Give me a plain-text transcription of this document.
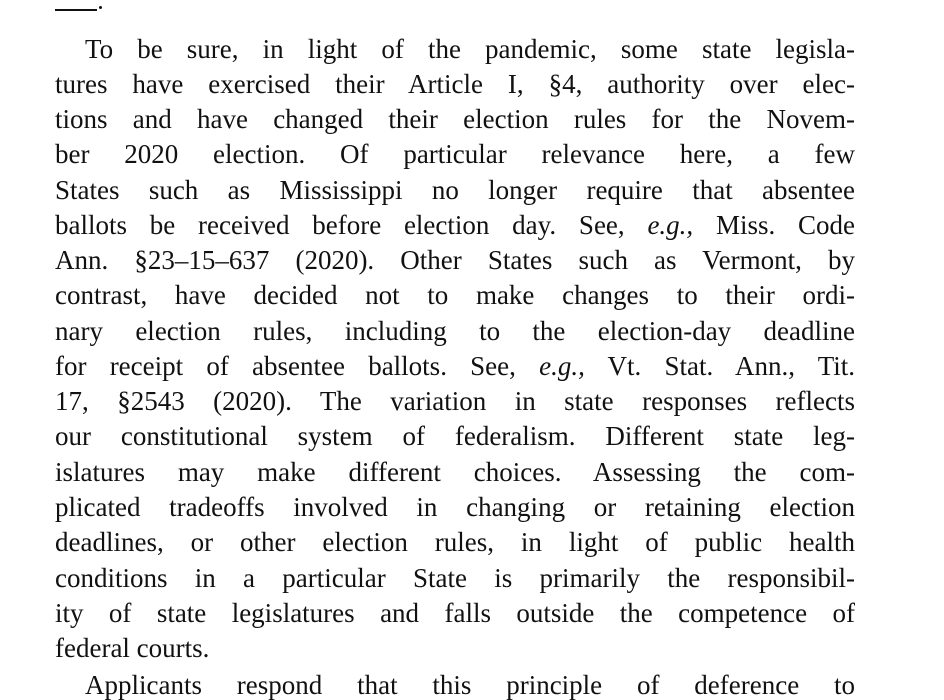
To be sure, in light of the pandemic, some state legisla-
tures have exercised their Article I, §4, authority over elec-
tions and have changed their election rules for the Novem-
ber 2020 election. Of particular relevance here, a few
States such as Mississippi no longer require that absentee
ballots be received before election day. See, e.g., Miss. Code
Ann. §23–15–637 (2020). Other States such as Vermont, by
contrast, have decided not to make changes to their ordi-
nary election rules, including to the election-day deadline
for receipt of absentee ballots. See, e.g., Vt. Stat. Ann., Tit.
17, §2543 (2020). The variation in state responses reflects
our constitutional system of federalism. Different state leg-
islatures may make different choices. Assessing the com-
plicated tradeoffs involved in changing or retaining election
deadlines, or other election rules, in light of public health
conditions in a particular State is primarily the responsibil-
ity of state legislatures and falls outside the competence of
federal courts.
Applicants respond that this principle of deference to
